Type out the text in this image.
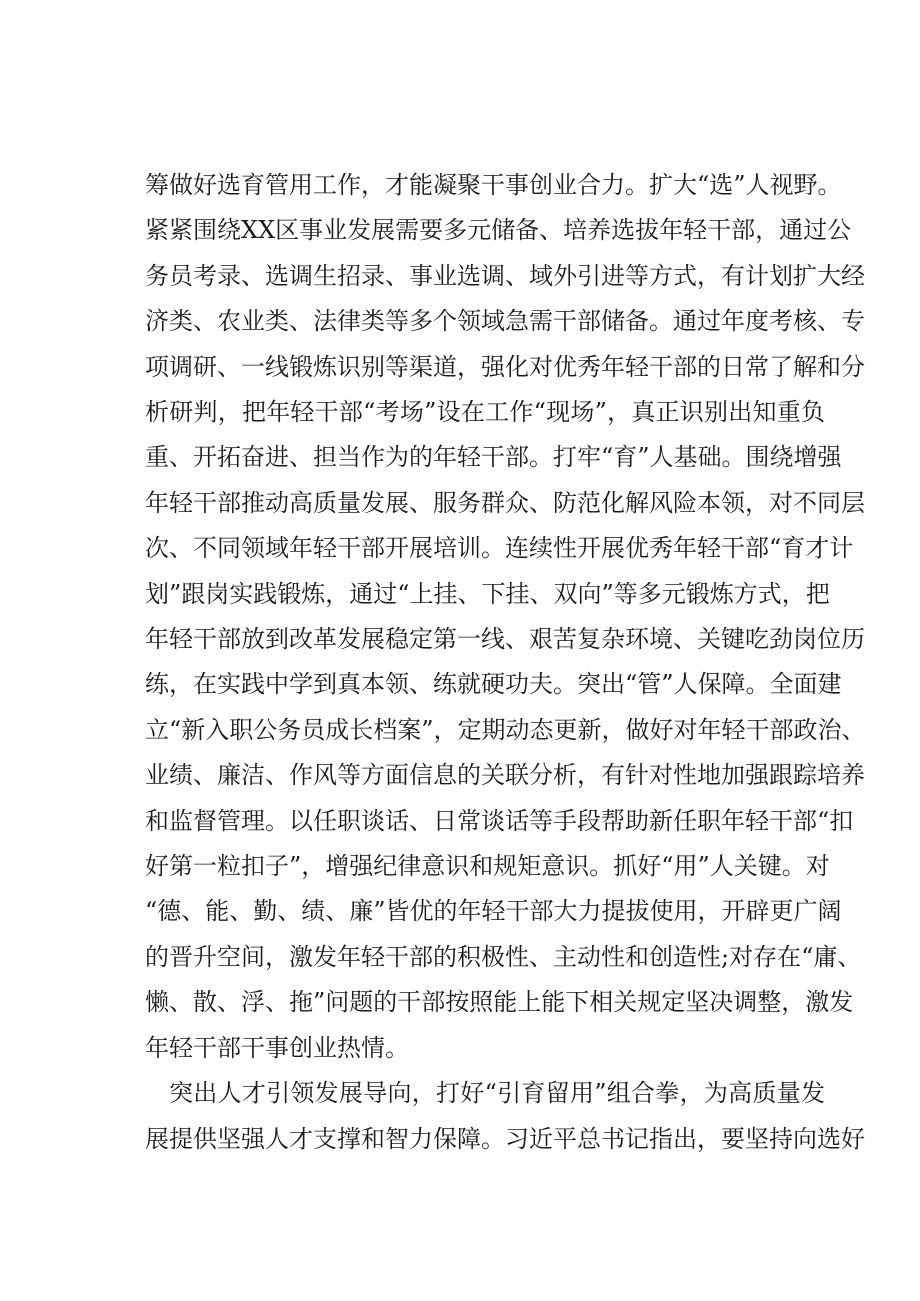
筹做好选育管用工作，才能凝聚干事创业合力。扩大“选”人视野。
紧紧围绕XX区事业发展需要多元储备、培养选拔年轻干部，通过公
务员考录、选调生招录、事业选调、域外引进等方式，有计划扩大经
济类、农业类、法律类等多个领域急需干部储备。通过年度考核、专
项调研、一线锻炼识别等渠道，强化对优秀年轻干部的日常了解和分
析研判，把年轻干部“考场”设在工作“现场”，真正识别出知重负
重、开拓奋进、担当作为的年轻干部。打牢“育”人基础。围绕增强
年轻干部推动高质量发展、服务群众、防范化解风险本领，对不同层
次、不同领域年轻干部开展培训。连续性开展优秀年轻干部“育才计
划”跟岗实践锻炼，通过“上挂、下挂、双向”等多元锻炼方式，把
年轻干部放到改革发展稳定第一线、艰苦复杂环境、关键吃劲岗位历
练，在实践中学到真本领、练就硬功夫。突出“管”人保障。全面建
立“新入职公务员成长档案”，定期动态更新，做好对年轻干部政治、
业绩、廉洁、作风等方面信息的关联分析，有针对性地加强跟踪培养
和监督管理。以任职谈话、日常谈话等手段帮助新任职年轻干部“扣
好第一粒扣子”，增强纪律意识和规矩意识。抓好“用”人关键。对
“德、能、勤、绩、廉”皆优的年轻干部大力提拔使用，开辟更广阔
的晋升空间，激发年轻干部的积极性、主动性和创造性;对存在“庸、
懒、散、浮、拖”问题的干部按照能上能下相关规定坚决调整，激发
年轻干部干事创业热情。
突出人才引领发展导向，打好“引育留用”组合拳，为高质量发
展提供坚强人才支撑和智力保障。习近平总书记指出，要坚持向选好
